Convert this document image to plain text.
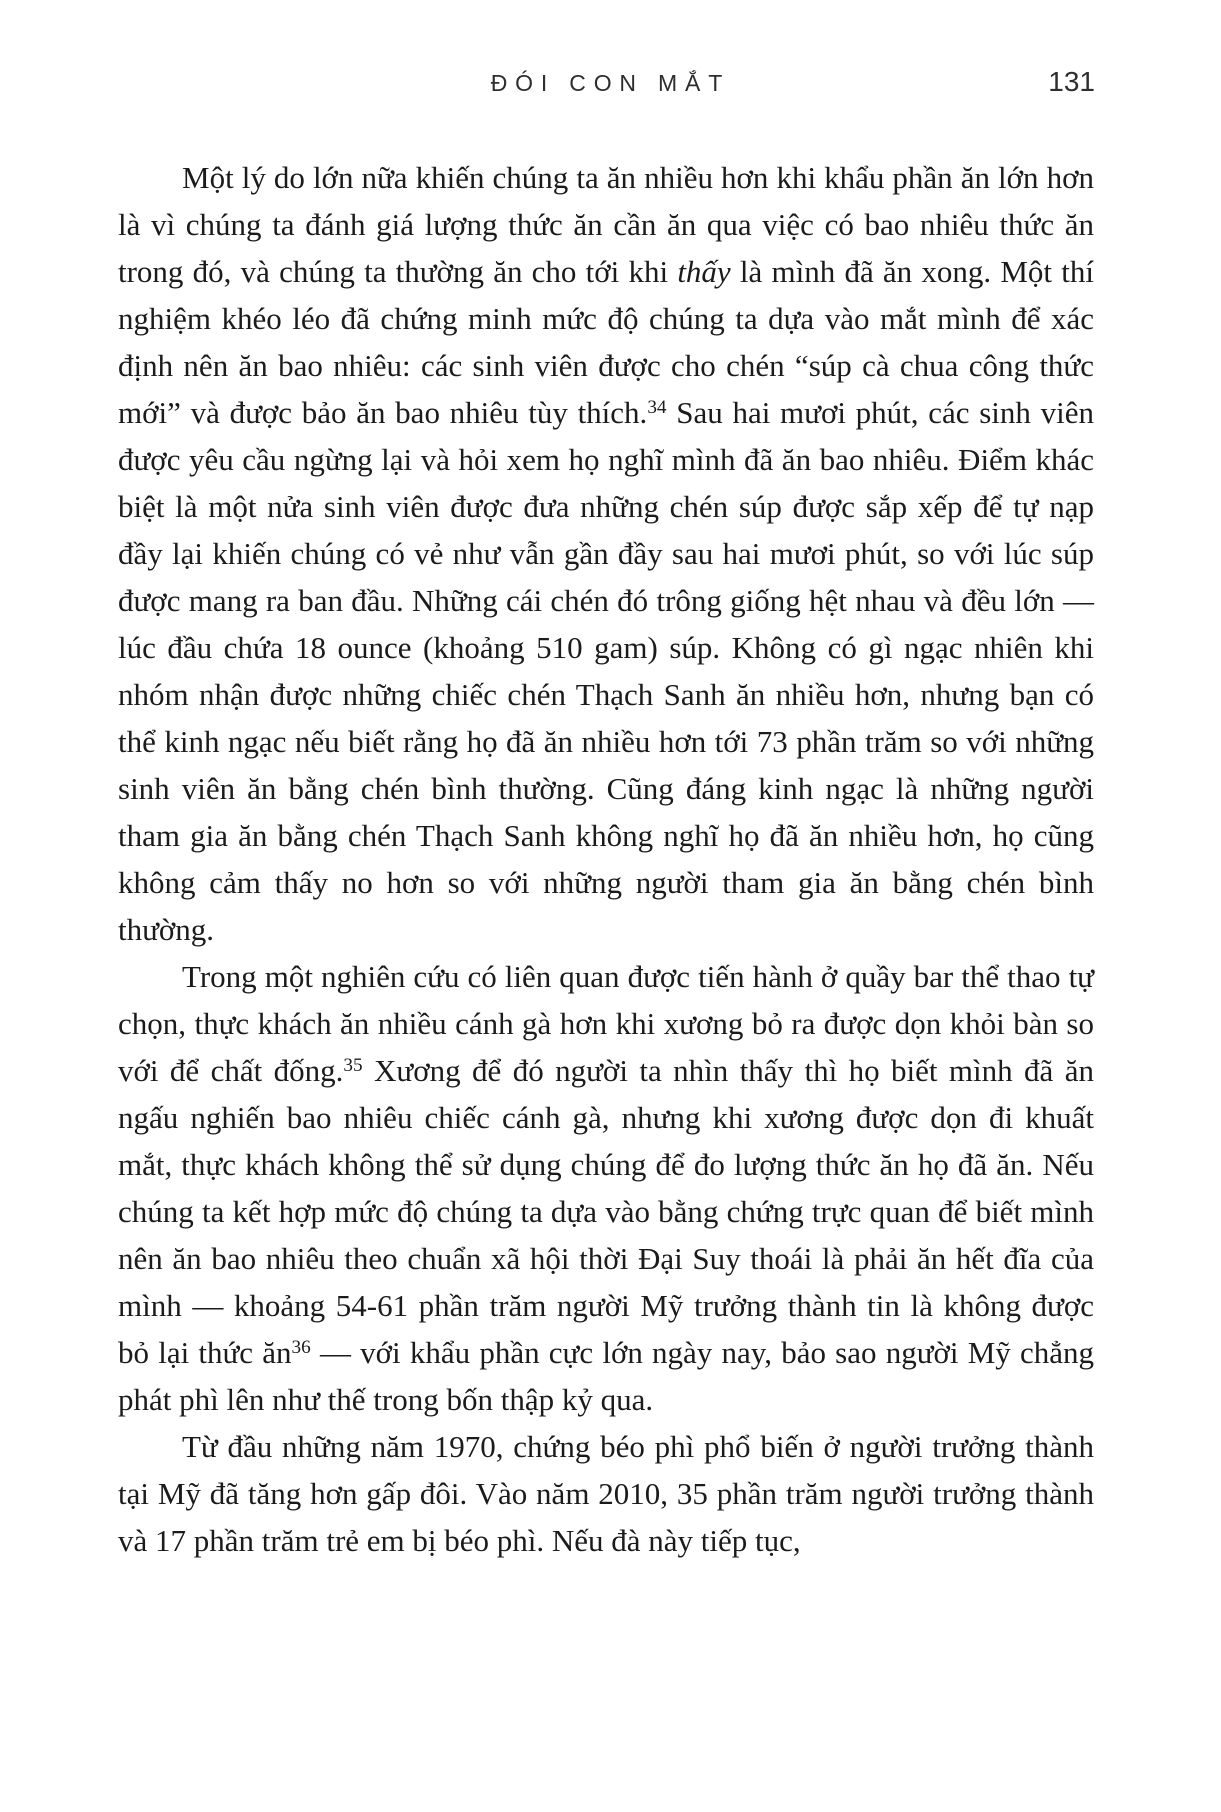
ĐÓI CON MẮT	131

Một lý do lớn nữa khiến chúng ta ăn nhiều hơn khi khẩu phần ăn lớn hơn là vì chúng ta đánh giá lượng thức ăn cần ăn qua việc có bao nhiêu thức ăn trong đó, và chúng ta thường ăn cho tới khi thấy là mình đã ăn xong. Một thí nghiệm khéo léo đã chứng minh mức độ chúng ta dựa vào mắt mình để xác định nên ăn bao nhiêu: các sinh viên được cho chén “súp cà chua công thức mới” và được bảo ăn bao nhiêu tùy thích.$^{34}$ Sau hai mươi phút, các sinh viên được yêu cầu ngừng lại và hỏi xem họ nghĩ mình đã ăn bao nhiêu. Điểm khác biệt là một nửa sinh viên được đưa những chén súp được sắp xếp để tự nạp đầy lại khiến chúng có vẻ như vẫn gần đầy sau hai mươi phút, so với lúc súp được mang ra ban đầu. Những cái chén đó trông giống hệt nhau và đều lớn — lúc đầu chứa 18 ounce (khoảng 510 gam) súp. Không có gì ngạc nhiên khi nhóm nhận được những chiếc chén Thạch Sanh ăn nhiều hơn, nhưng bạn có thể kinh ngạc nếu biết rằng họ đã ăn nhiều hơn tới 73 phần trăm so với những sinh viên ăn bằng chén bình thường. Cũng đáng kinh ngạc là những người tham gia ăn bằng chén Thạch Sanh không nghĩ họ đã ăn nhiều hơn, họ cũng không cảm thấy no hơn so với những người tham gia ăn bằng chén bình thường.

Trong một nghiên cứu có liên quan được tiến hành ở quầy bar thể thao tự chọn, thực khách ăn nhiều cánh gà hơn khi xương bỏ ra được dọn khỏi bàn so với để chất đống.$^{35}$ Xương để đó người ta nhìn thấy thì họ biết mình đã ăn ngấu nghiến bao nhiêu chiếc cánh gà, nhưng khi xương được dọn đi khuất mắt, thực khách không thể sử dụng chúng để đo lượng thức ăn họ đã ăn. Nếu chúng ta kết hợp mức độ chúng ta dựa vào bằng chứng trực quan để biết mình nên ăn bao nhiêu theo chuẩn xã hội thời Đại Suy thoái là phải ăn hết đĩa của mình — khoảng 54-61 phần trăm người Mỹ trưởng thành tin là không được bỏ lại thức $ăn^{36}$ — với khẩu phần cực lớn ngày nay, bảo sao người Mỹ chẳng phát phì lên như thế trong bốn thập kỷ qua.

Từ đầu những năm 1970, chứng béo phì phổ biến ở người trưởng thành tại Mỹ đã tăng hơn gấp đôi. Vào năm 2010, 35 phần trăm người trưởng thành và 17 phần trăm trẻ em bị béo phì. Nếu đà này tiếp tục,
